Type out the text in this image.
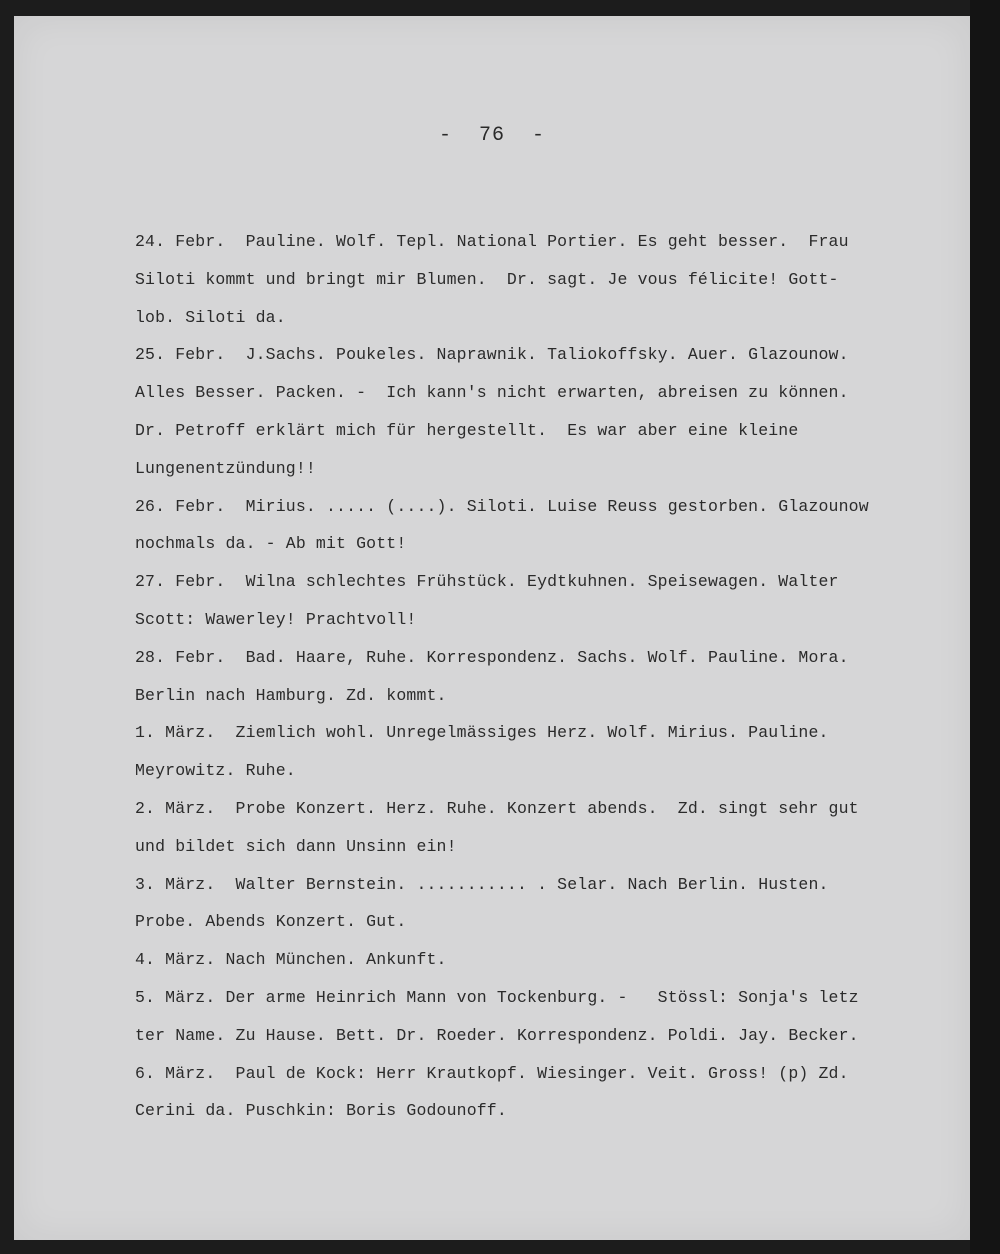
- 76 -
24. Febr.  Pauline. Wolf. Tepl. National Portier. Es geht besser.  Frau
Siloti kommt und bringt mir Blumen.  Dr. sagt. Je vous félicite! Gott-
lob. Siloti da.
25. Febr.  J.Sachs. Poukeles. Naprawnik. Taliokoffsky. Auer. Glazounow.
Alles Besser. Packen. -  Ich kann's nicht erwarten, abreisen zu können.
Dr. Petroff erklärt mich für hergestellt.  Es war aber eine kleine
Lungenentzündung!!
26. Febr.  Mirius. ..... (....). Siloti. Luise Reuss gestorben. Glazounow
nochmals da. - Ab mit Gott!
27. Febr.  Wilna schlechtes Frühstück. Eydtkuhnen. Speisewagen. Walter
Scott: Wawerley! Prachtvoll!
28. Febr.  Bad. Haare, Ruhe. Korrespondenz. Sachs. Wolf. Pauline. Mora.
Berlin nach Hamburg. Zd. kommt.
1. März.  Ziemlich wohl. Unregelmässiges Herz. Wolf. Mirius. Pauline.
Meyrowitz. Ruhe.
2. März.  Probe Konzert. Herz. Ruhe. Konzert abends.  Zd. singt sehr gut
und bildet sich dann Unsinn ein!
3. März.  Walter Bernstein. ........... . Selar. Nach Berlin. Husten.
Probe. Abends Konzert. Gut.
4. März. Nach München. Ankunft.
5. März. Der arme Heinrich Mann von Tockenburg. -   Stössl: Sonja's letz
ter Name. Zu Hause. Bett. Dr. Roeder. Korrespondenz. Poldi. Jay. Becker.
6. März.  Paul de Kock: Herr Krautkopf. Wiesinger. Veit. Gross! (p) Zd.
Cerini da. Puschkin: Boris Godounoff.
